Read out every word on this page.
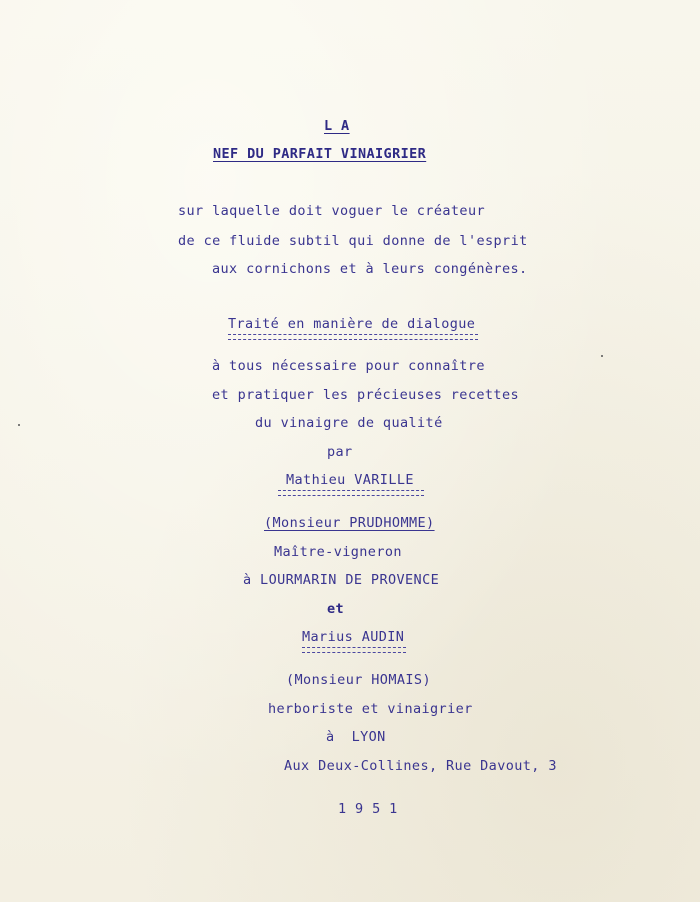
L A
NEF DU PARFAIT VINAIGRIER
sur laquelle doit voguer le créateur
de ce fluide subtil qui donne de l'esprit
aux cornichons et à leurs congénères.
Traité en manière de dialogue
à tous nécessaire pour connaître
et pratiquer les précieuses recettes
du vinaigre de qualité
par
Mathieu VARILLE
(Monsieur PRUDHOMME)
Maître-vigneron
à LOURMARIN DE PROVENCE
et
Marius AUDIN
(Monsieur HOMAIS)
herboriste et vinaigrier
à  LYON
Aux Deux-Collines, Rue Davout, 3
1 9 5 1
